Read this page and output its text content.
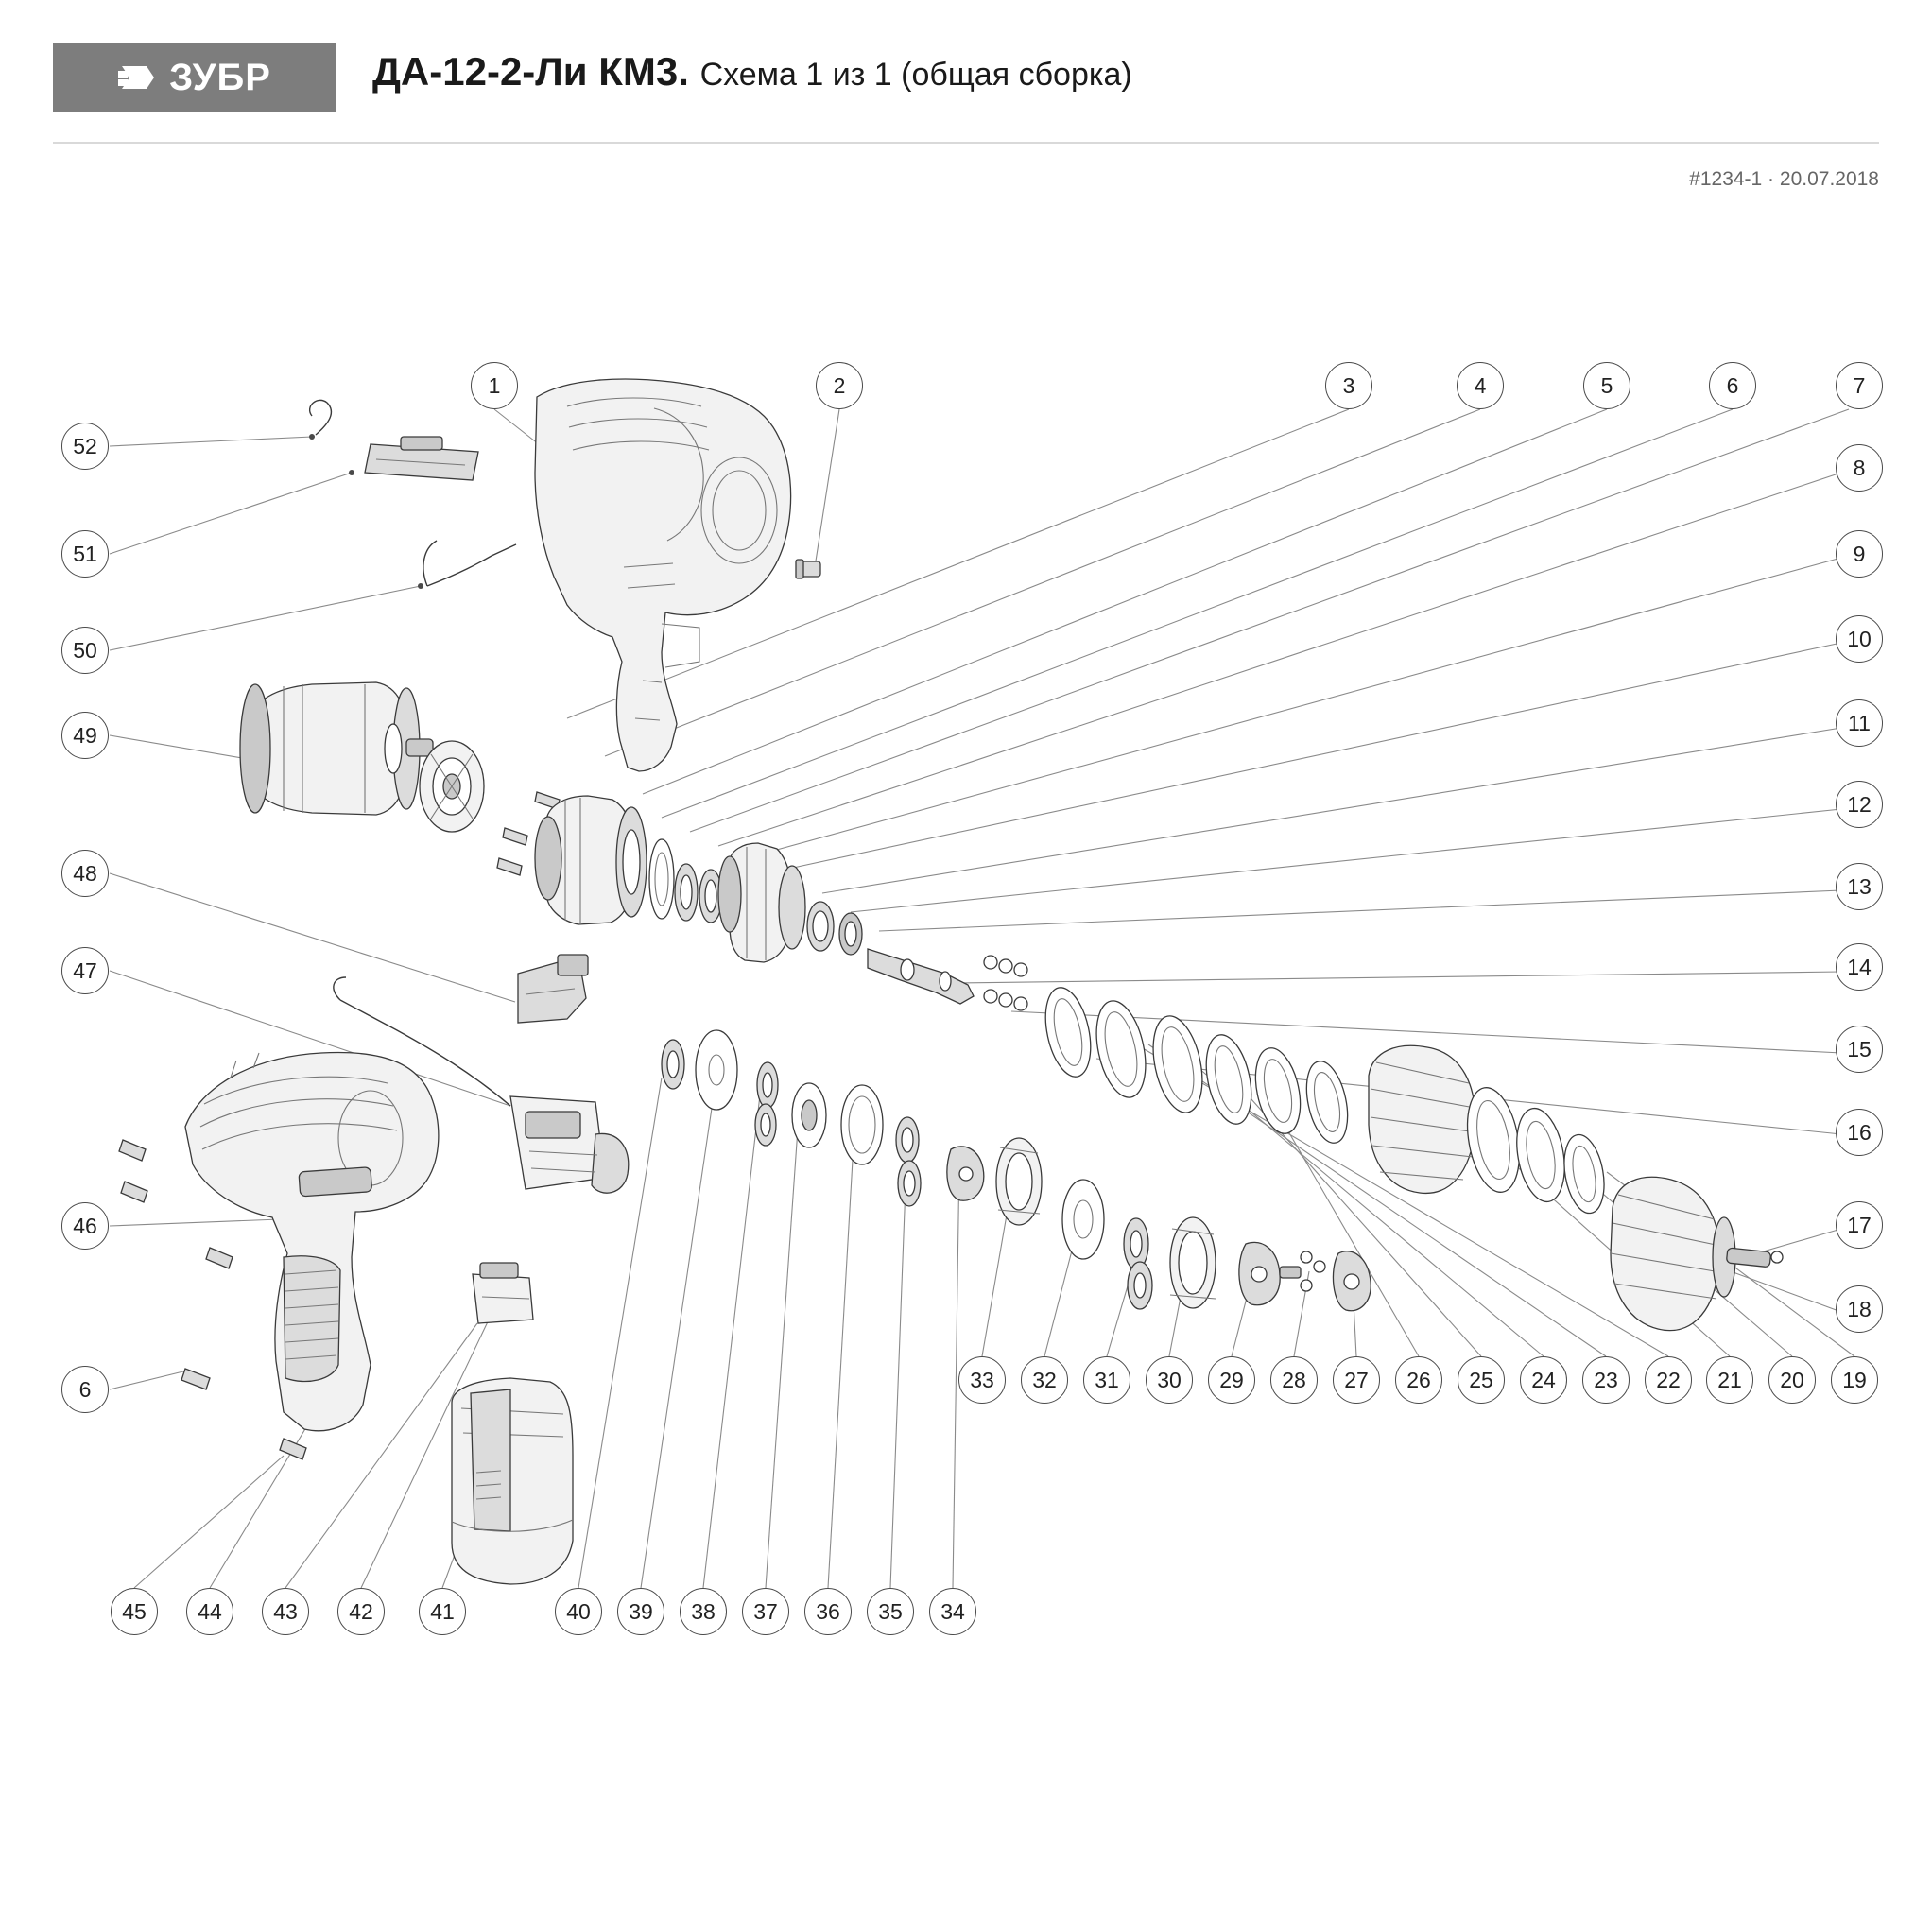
ЗУБР	ДА-12-2-Ли КМ3. Схема 1 из 1 (общая сборка)
#1234-1 · 20.07.2018
1	2	3	4	5	6	7
8
9
10
11
12
13
14
15
16
17
18
19
20
21
22
23
24
25
26
27
28
29
30
31
32
33
34
35
36
37
38
39
40
41
42
43
44
45
6
46
47
48
49
50
51
52
